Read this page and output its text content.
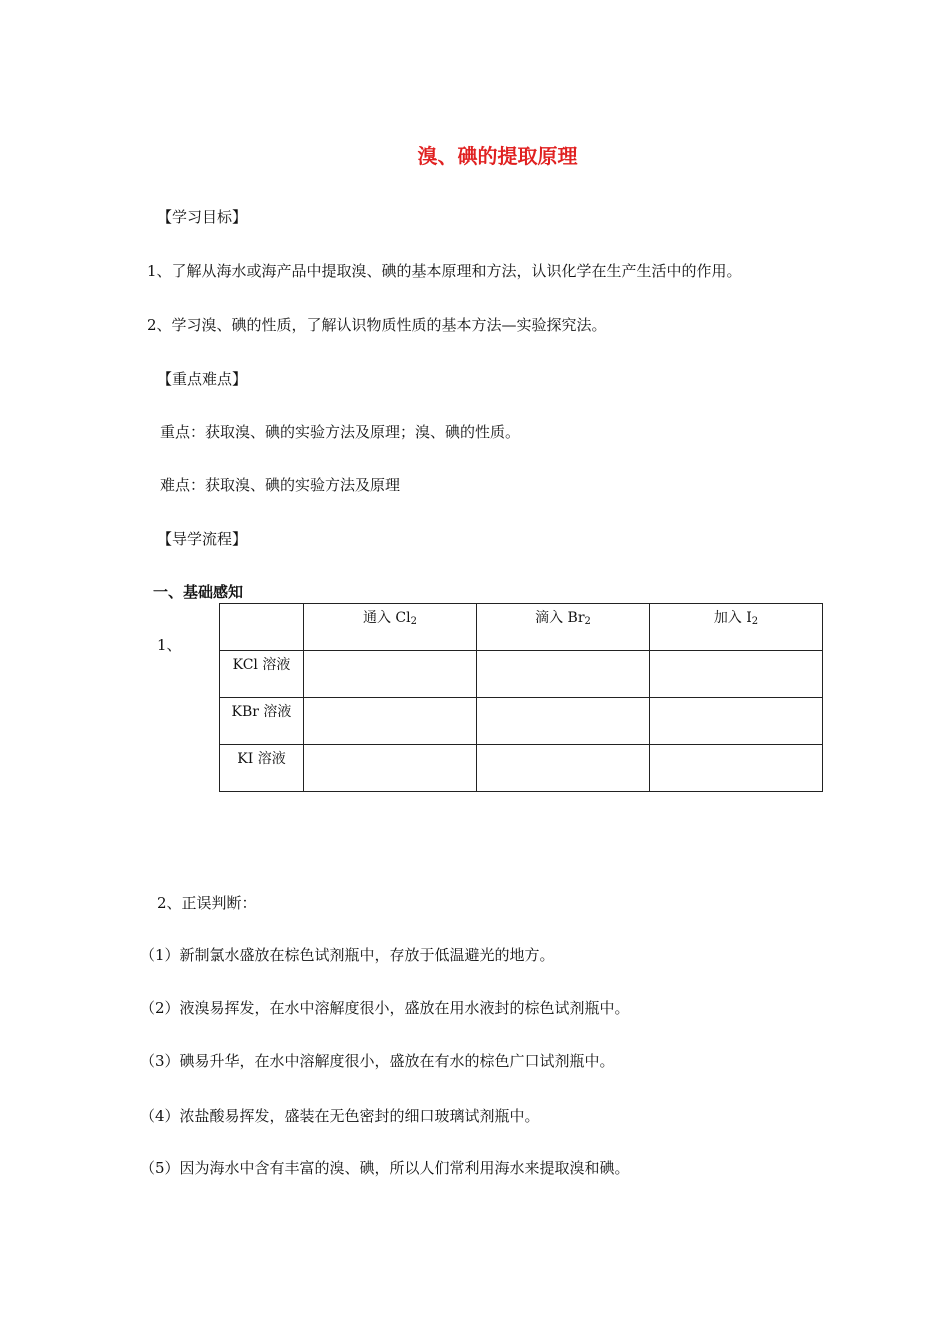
溴、碘的提取原理
【学习目标】
1、了解从海水或海产品中提取溴、碘的基本原理和方法，认识化学在生产生活中的作用。
2、学习溴、碘的性质，了解认识物质性质的基本方法—实验探究法。
【重点难点】
重点：获取溴、碘的实验方法及原理；溴、碘的性质。
难点：获取溴、碘的实验方法及原理
【导学流程】
一、基础感知
1、
	通入 $Cl_2$	滴入 $Br_2$	加入 $I_2$
KCl 溶液			
KBr 溶液			
KI 溶液			
2、正误判断：
（1）新制氯水盛放在棕色试剂瓶中，存放于低温避光的地方。
（2）液溴易挥发，在水中溶解度很小，盛放在用水液封的棕色试剂瓶中。
（3）碘易升华，在水中溶解度很小，盛放在有水的棕色广口试剂瓶中。
（4）浓盐酸易挥发，盛装在无色密封的细口玻璃试剂瓶中。
（5）因为海水中含有丰富的溴、碘，所以人们常利用海水来提取溴和碘。
